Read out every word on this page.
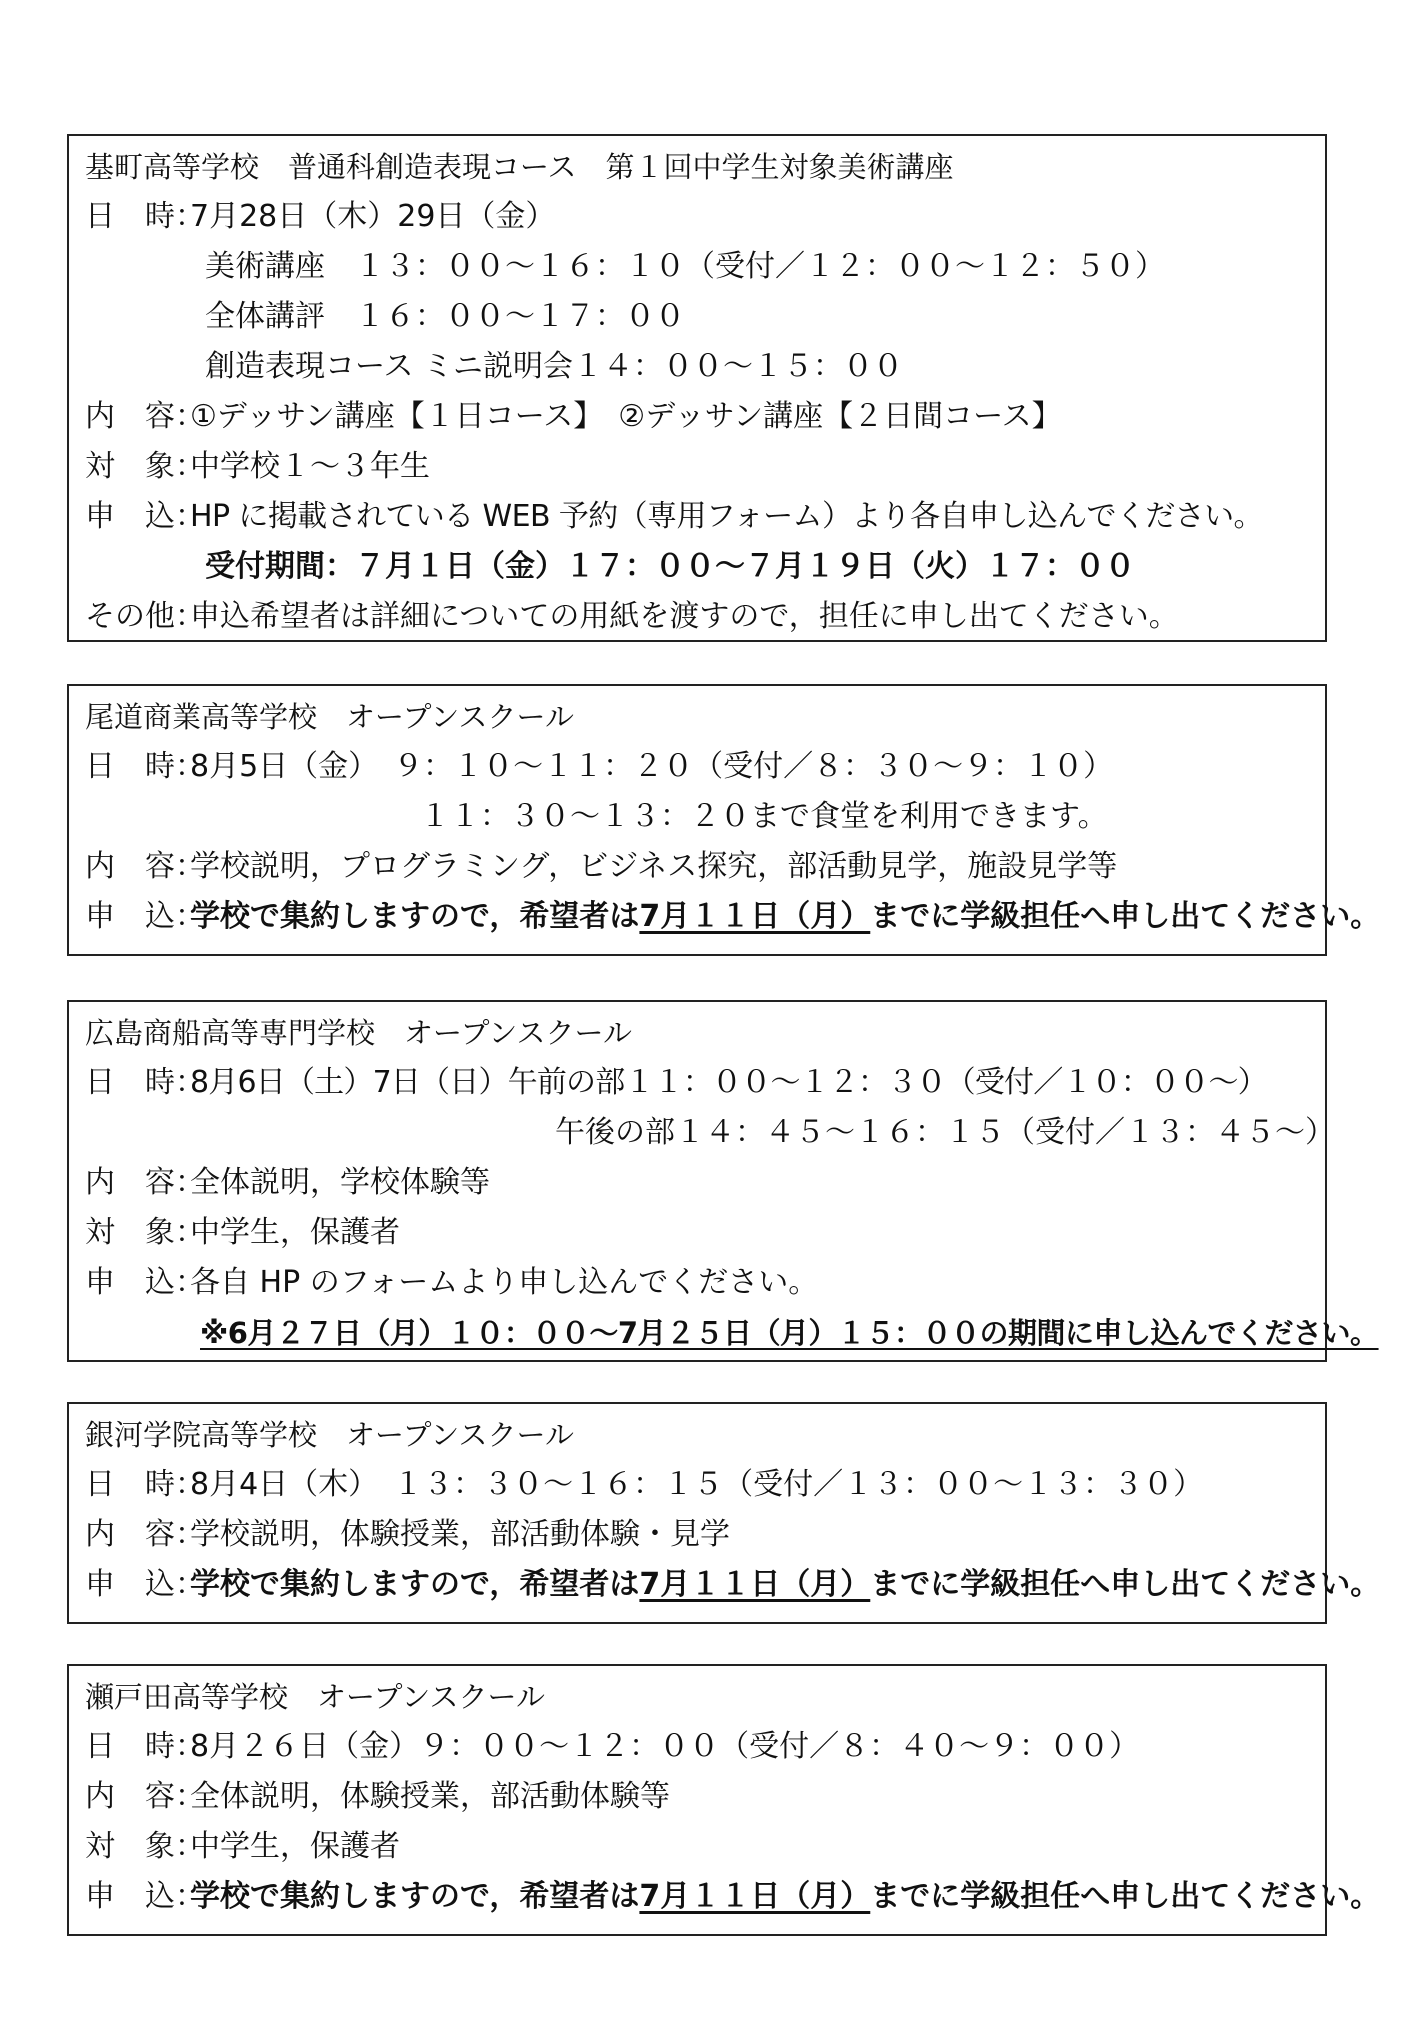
基町高等学校　普通科創造表現コース　第１回中学生対象美術講座
日　時：7月28日（木）29日（金）
美術講座　１３：００～１６：１０（受付／１２：００～１２：５０）
全体講評　１６：００～１７：００
創造表現コース ミニ説明会１４：００～１５：００
内　容：①デッサン講座【１日コース】　②デッサン講座【２日間コース】
対　象：中学校１～３年生
申　込：HP に掲載されている WEB 予約（専用フォーム）より各自申し込んでください。
受付期間：７月１日（金）１７：００～７月１９日（火）１７：００
その他：申込希望者は詳細についての用紙を渡すので，担任に申し出てください。
尾道商業高等学校　オープンスクール
日　時：8月5日（金）　９：１０～１１：２０（受付／８：３０～９：１０）
１１：３０～１３：２０まで食堂を利用できます。
内　容：学校説明，プログラミング，ビジネス探究，部活動見学，施設見学等
申　込：学校で集約しますので，希望者は7月１１日（月）までに学級担任へ申し出てください。
広島商船高等専門学校　オープンスクール
日　時：8月6日（土）7日（日）午前の部１１：００～１２：３０（受付／１０：００～）
午後の部１４：４５～１６：１５（受付／１３：４５～）
内　容：全体説明，学校体験等
対　象：中学生，保護者
申　込：各自 HP のフォームより申し込んでください。
※6月２７日（月）１０：００～7月２５日（月）１５：００の期間に申し込んでください。
銀河学院高等学校　オープンスクール
日　時：8月4日（木）　１３：３０～１６：１５（受付／１３：００～１３：３０）
内　容：学校説明，体験授業，部活動体験・見学
申　込：学校で集約しますので，希望者は7月１１日（月）までに学級担任へ申し出てください。
瀬戸田高等学校　オープンスクール
日　時：8月２６日（金）９：００～１２：００（受付／８：４０～９：００）
内　容：全体説明，体験授業，部活動体験等
対　象：中学生，保護者
申　込：学校で集約しますので，希望者は7月１１日（月）までに学級担任へ申し出てください。
